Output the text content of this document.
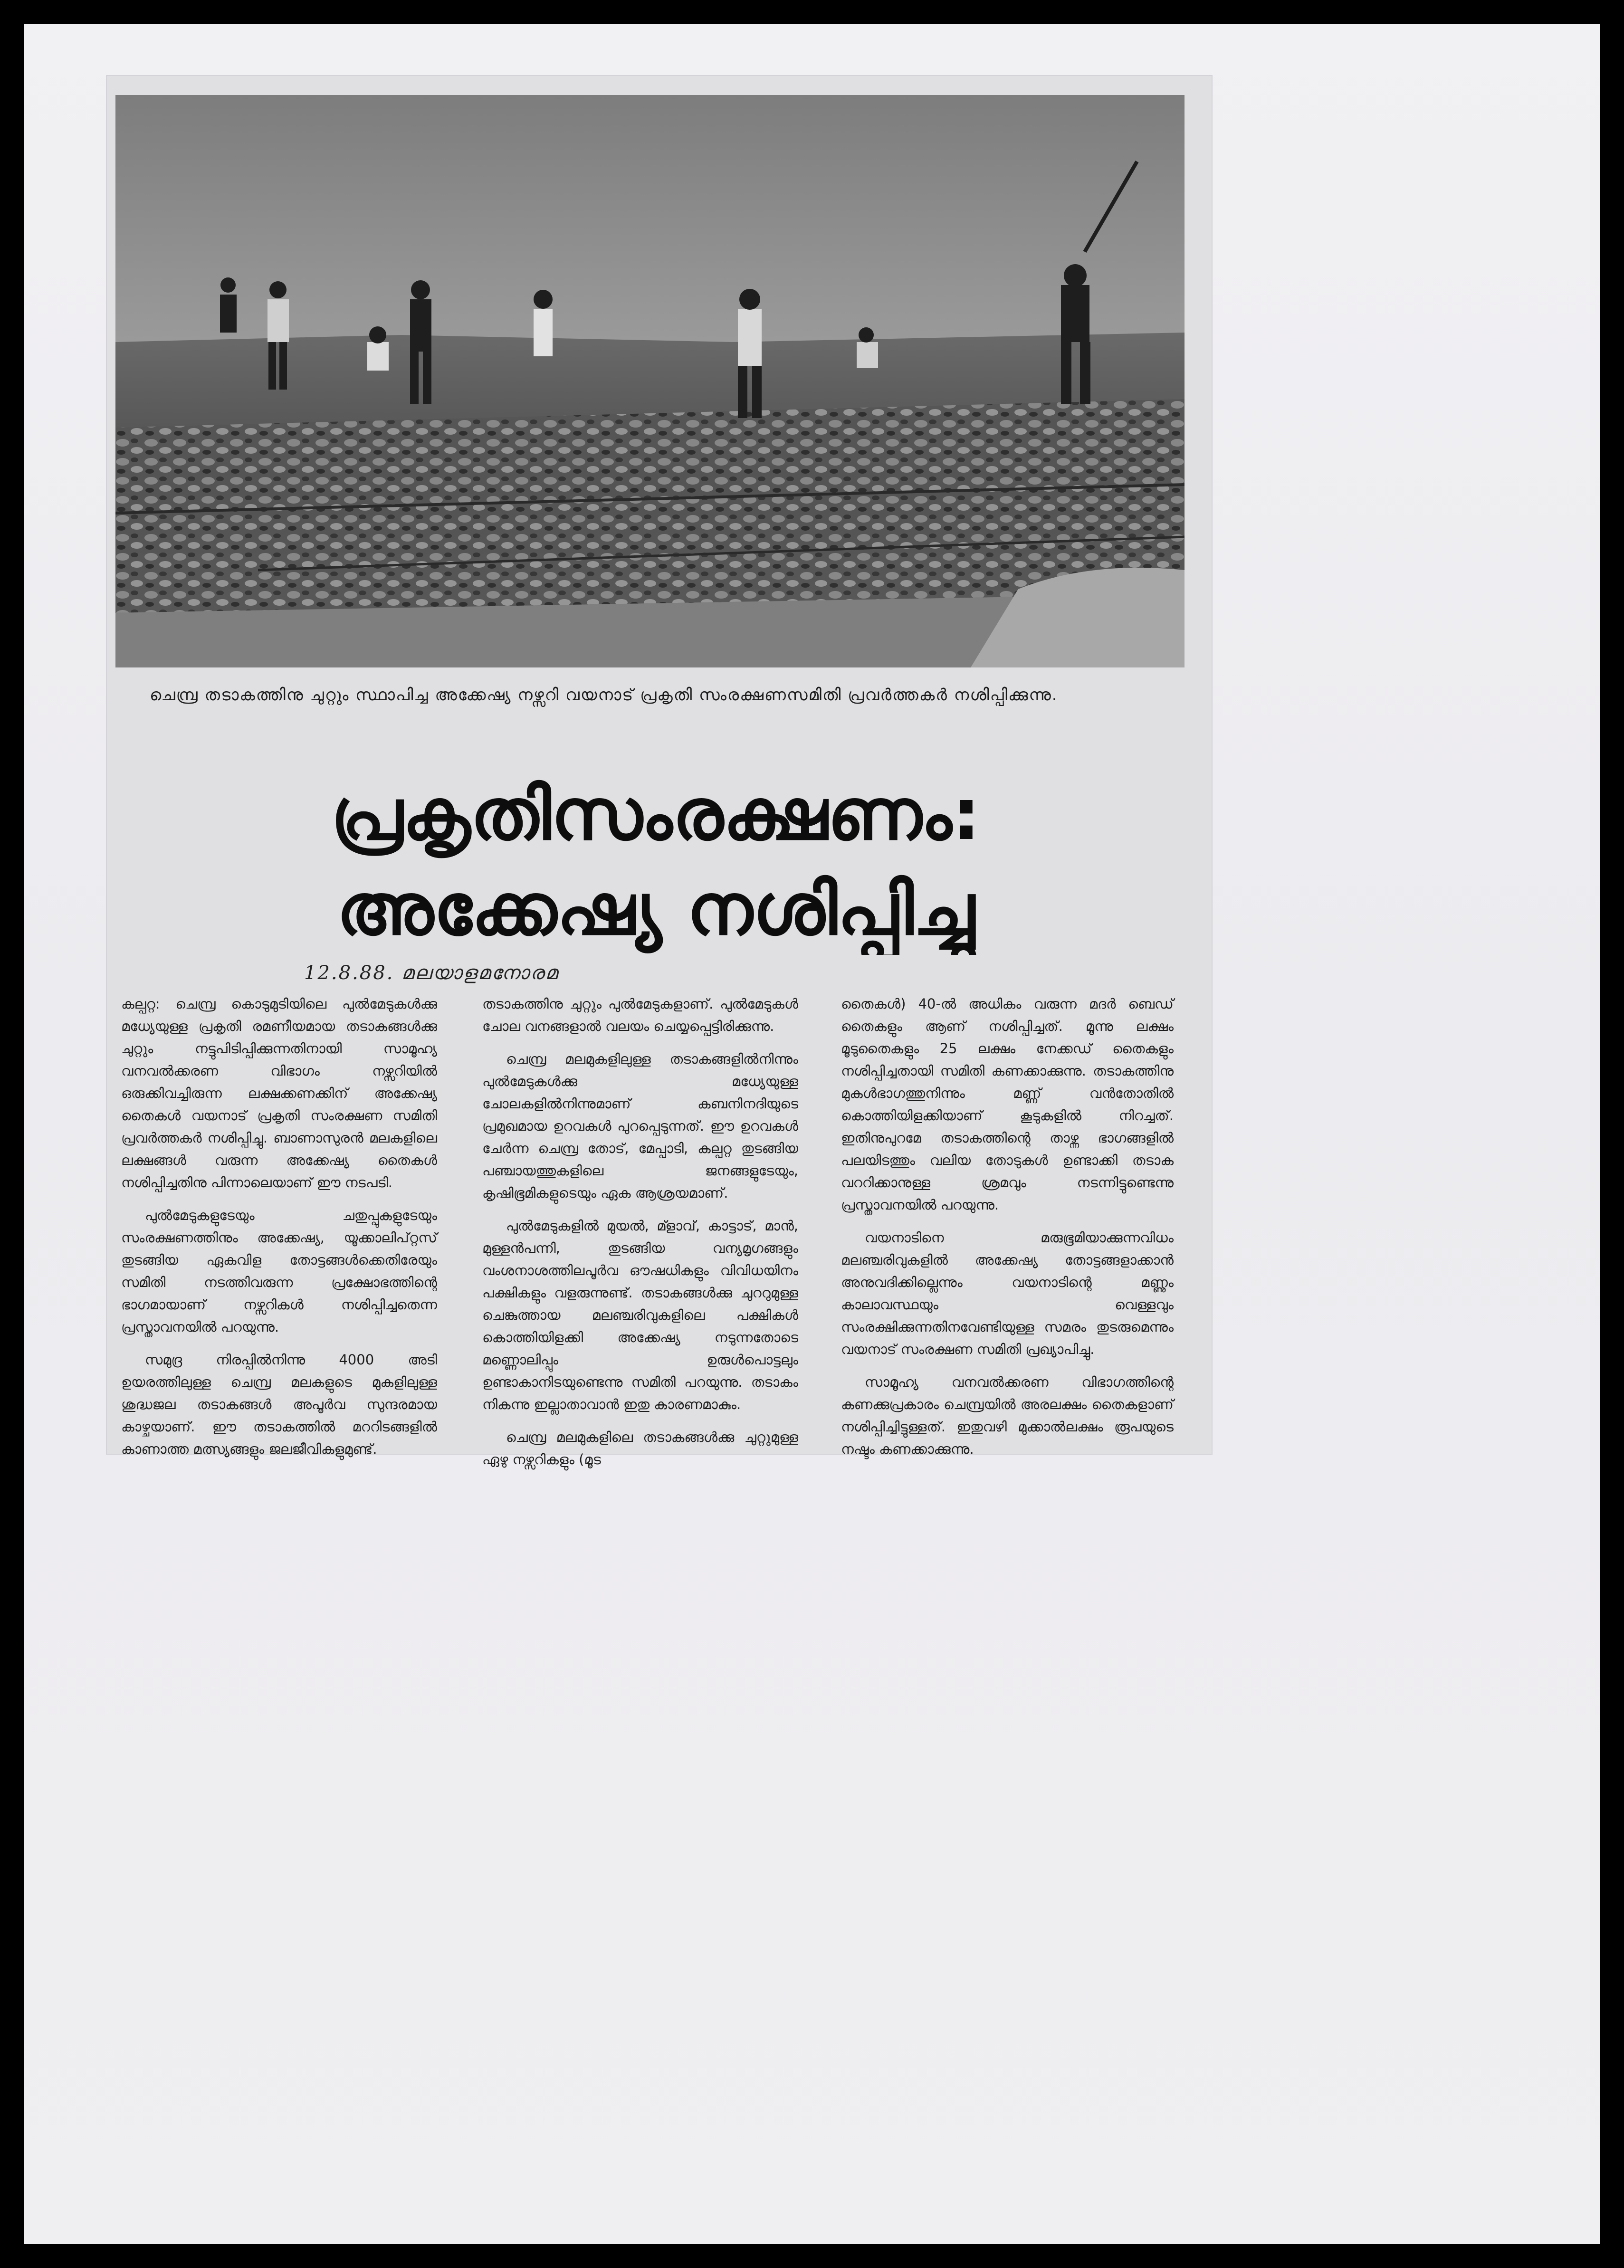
ചെമ്പ്ര തടാകത്തിനു ചുറ്റും സ്ഥാപിച്ച അക്കേഷ്യ നഴ്സറി വയനാട് പ്രകൃതി സംരക്ഷണസമിതി പ്രവർത്തകർ നശിപ്പിക്കുന്നു.
പ്രകൃതിസംരക്ഷണം:
അക്കേഷ്യ നശിപ്പിച്ചു
12.8.88. മലയാളമനോരമ

കല്പറ്റ: ചെമ്പ്ര കൊടുമുടിയിലെ പുൽമേടുകൾക്കു മധ്യേയുള്ള പ്രകൃതി രമണീയമായ തടാകങ്ങൾക്കു ചുറ്റും നട്ടുപിടിപ്പിക്കുന്നതിനായി സാമൂഹ്യ വനവൽക്കരണ വിഭാഗം നഴ്സറിയിൽ ഒരുക്കിവച്ചിരുന്ന ലക്ഷക്കണക്കിന് അക്കേഷ്യ തൈകൾ വയനാട് പ്രകൃതി സംരക്ഷണ സമിതി പ്രവർത്തകർ നശിപ്പിച്ചു. ബാണാസുരൻ മലകളിലെ ലക്ഷങ്ങൾ വരുന്ന അക്കേഷ്യ തൈകൾ നശിപ്പിച്ചതിനു പിന്നാലെയാണ് ഈ നടപടി.

പുൽമേടുകളുടേയും ചതുപ്പുകളുടേയും സംരക്ഷണത്തിനും അക്കേഷ്യ, യൂക്കാലിപ്റ്റസ് തുടങ്ങിയ ഏകവിള തോട്ടങ്ങൾക്കെതിരേയും സമിതി നടത്തിവരുന്ന പ്രക്ഷോഭത്തിന്റെ ഭാഗമായാണ് നഴ്സറികൾ നശിപ്പിച്ചതെന്ന പ്രസ്താവനയിൽ പറയുന്നു.

സമുദ്ര നിരപ്പിൽനിന്നു 4000 അടി ഉയരത്തിലുള്ള ചെമ്പ്ര മലകളുടെ മുകളിലുള്ള ശുദ്ധജല തടാകങ്ങൾ അപൂർവ സുന്ദരമായ കാഴ്ചയാണ്. ഈ തടാകത്തിൽ മററിടങ്ങളിൽ കാണാത്ത മത്സ്യങ്ങളും ജലജീവികളുമുണ്ട്.

തടാകത്തിനു ചുറ്റും പുൽമേടുകളാണ്. പുൽമേടുകൾ ചോല വനങ്ങളാൽ വലയം ചെയ്യപ്പെട്ടിരിക്കുന്നു.

ചെമ്പ്ര മലമുകളിലുള്ള തടാകങ്ങളിൽനിന്നും പുൽമേടുകൾക്കു മധ്യേയുള്ള ചോലകളിൽനിന്നുമാണ് കബനിനദിയുടെ പ്രമുഖമായ ഉറവകൾ പുറപ്പെടുന്നത്. ഈ ഉറവകൾ ചേർന്ന ചെമ്പ്ര തോട്, മേപ്പാടി, കല്പറ്റ തുടങ്ങിയ പഞ്ചായത്തുകളിലെ ജനങ്ങളുടേയും, കൃഷിഭൂമികളുടെയും ഏക ആശ്രയമാണ്.

പുൽമേടുകളിൽ മുയൽ, മ്ളാവ്, കാട്ടാട്, മാൻ, മുള്ളൻപന്നി, തുടങ്ങിയ വന്യമൃഗങ്ങളും വംശനാശത്തിലപൂർവ ഔഷധികളും വിവിധയിനം പക്ഷികളും വളരുന്നുണ്ട്. തടാകങ്ങൾക്കു ചുററുമുള്ള ചെങ്കുത്തായ മലഞ്ചരിവുകളിലെ പക്ഷികൾ കൊത്തിയിളക്കി അക്കേഷ്യ നടുന്നതോടെ മണ്ണൊലിപ്പും ഉരുൾപൊട്ടലും ഉണ്ടാകാനിടയുണ്ടെന്നു സമിതി പറയുന്നു. തടാകം നികന്നു ഇല്ലാതാവാൻ ഇതു കാരണമാകും.

ചെമ്പ്ര മലമുകളിലെ തടാകങ്ങൾക്കു ചുറ്റുമുള്ള ഏഴു നഴ്സറികളും (മൂട

തൈകൾ) 40-ൽ അധികം വരുന്ന മദർ ബെഡ് തൈകളും ആണ് നശിപ്പിച്ചത്. മൂന്നു ലക്ഷം മൂടുതൈകളും 25 ലക്ഷം നേക്കഡ് തൈകളും നശിപ്പിച്ചതായി സമിതി കണക്കാക്കുന്നു. തടാകത്തിനു മുകൾഭാഗത്തുനിന്നും മണ്ണ് വൻതോതിൽ കൊത്തിയിളക്കിയാണ് കൂടുകളിൽ നിറച്ചത്. ഇതിനുപുറമേ തടാകത്തിന്റെ താഴ്ന്ന ഭാഗങ്ങളിൽ പലയിടത്തും വലിയ തോടുകൾ ഉണ്ടാക്കി തടാക വററിക്കാനുള്ള ശ്രമവും നടന്നിട്ടുണ്ടെന്നു പ്രസ്താവനയിൽ പറയുന്നു.

വയനാടിനെ മരുഭൂമിയാക്കുന്നവിധം മലഞ്ചരിവുകളിൽ അക്കേഷ്യ തോട്ടങ്ങളാക്കാൻ അനുവദിക്കില്ലെന്നും വയനാടിന്റെ മണ്ണും കാലാവസ്ഥയും വെള്ളവും സംരക്ഷിക്കുന്നതിനവേണ്ടിയുള്ള സമരം തുടരുമെന്നും വയനാട് സംരക്ഷണ സമിതി പ്രഖ്യാപിച്ചു.

സാമൂഹ്യ വനവൽക്കരണ വിഭാഗത്തിന്റെ കണക്കുപ്രകാരം ചെമ്പ്രയിൽ അരലക്ഷം തൈകളാണ് നശിപ്പിച്ചിട്ടുള്ളത്. ഇതുവഴി മുക്കാൽലക്ഷം രൂപയുടെ നഷ്ടം കണക്കാക്കുന്നു.
